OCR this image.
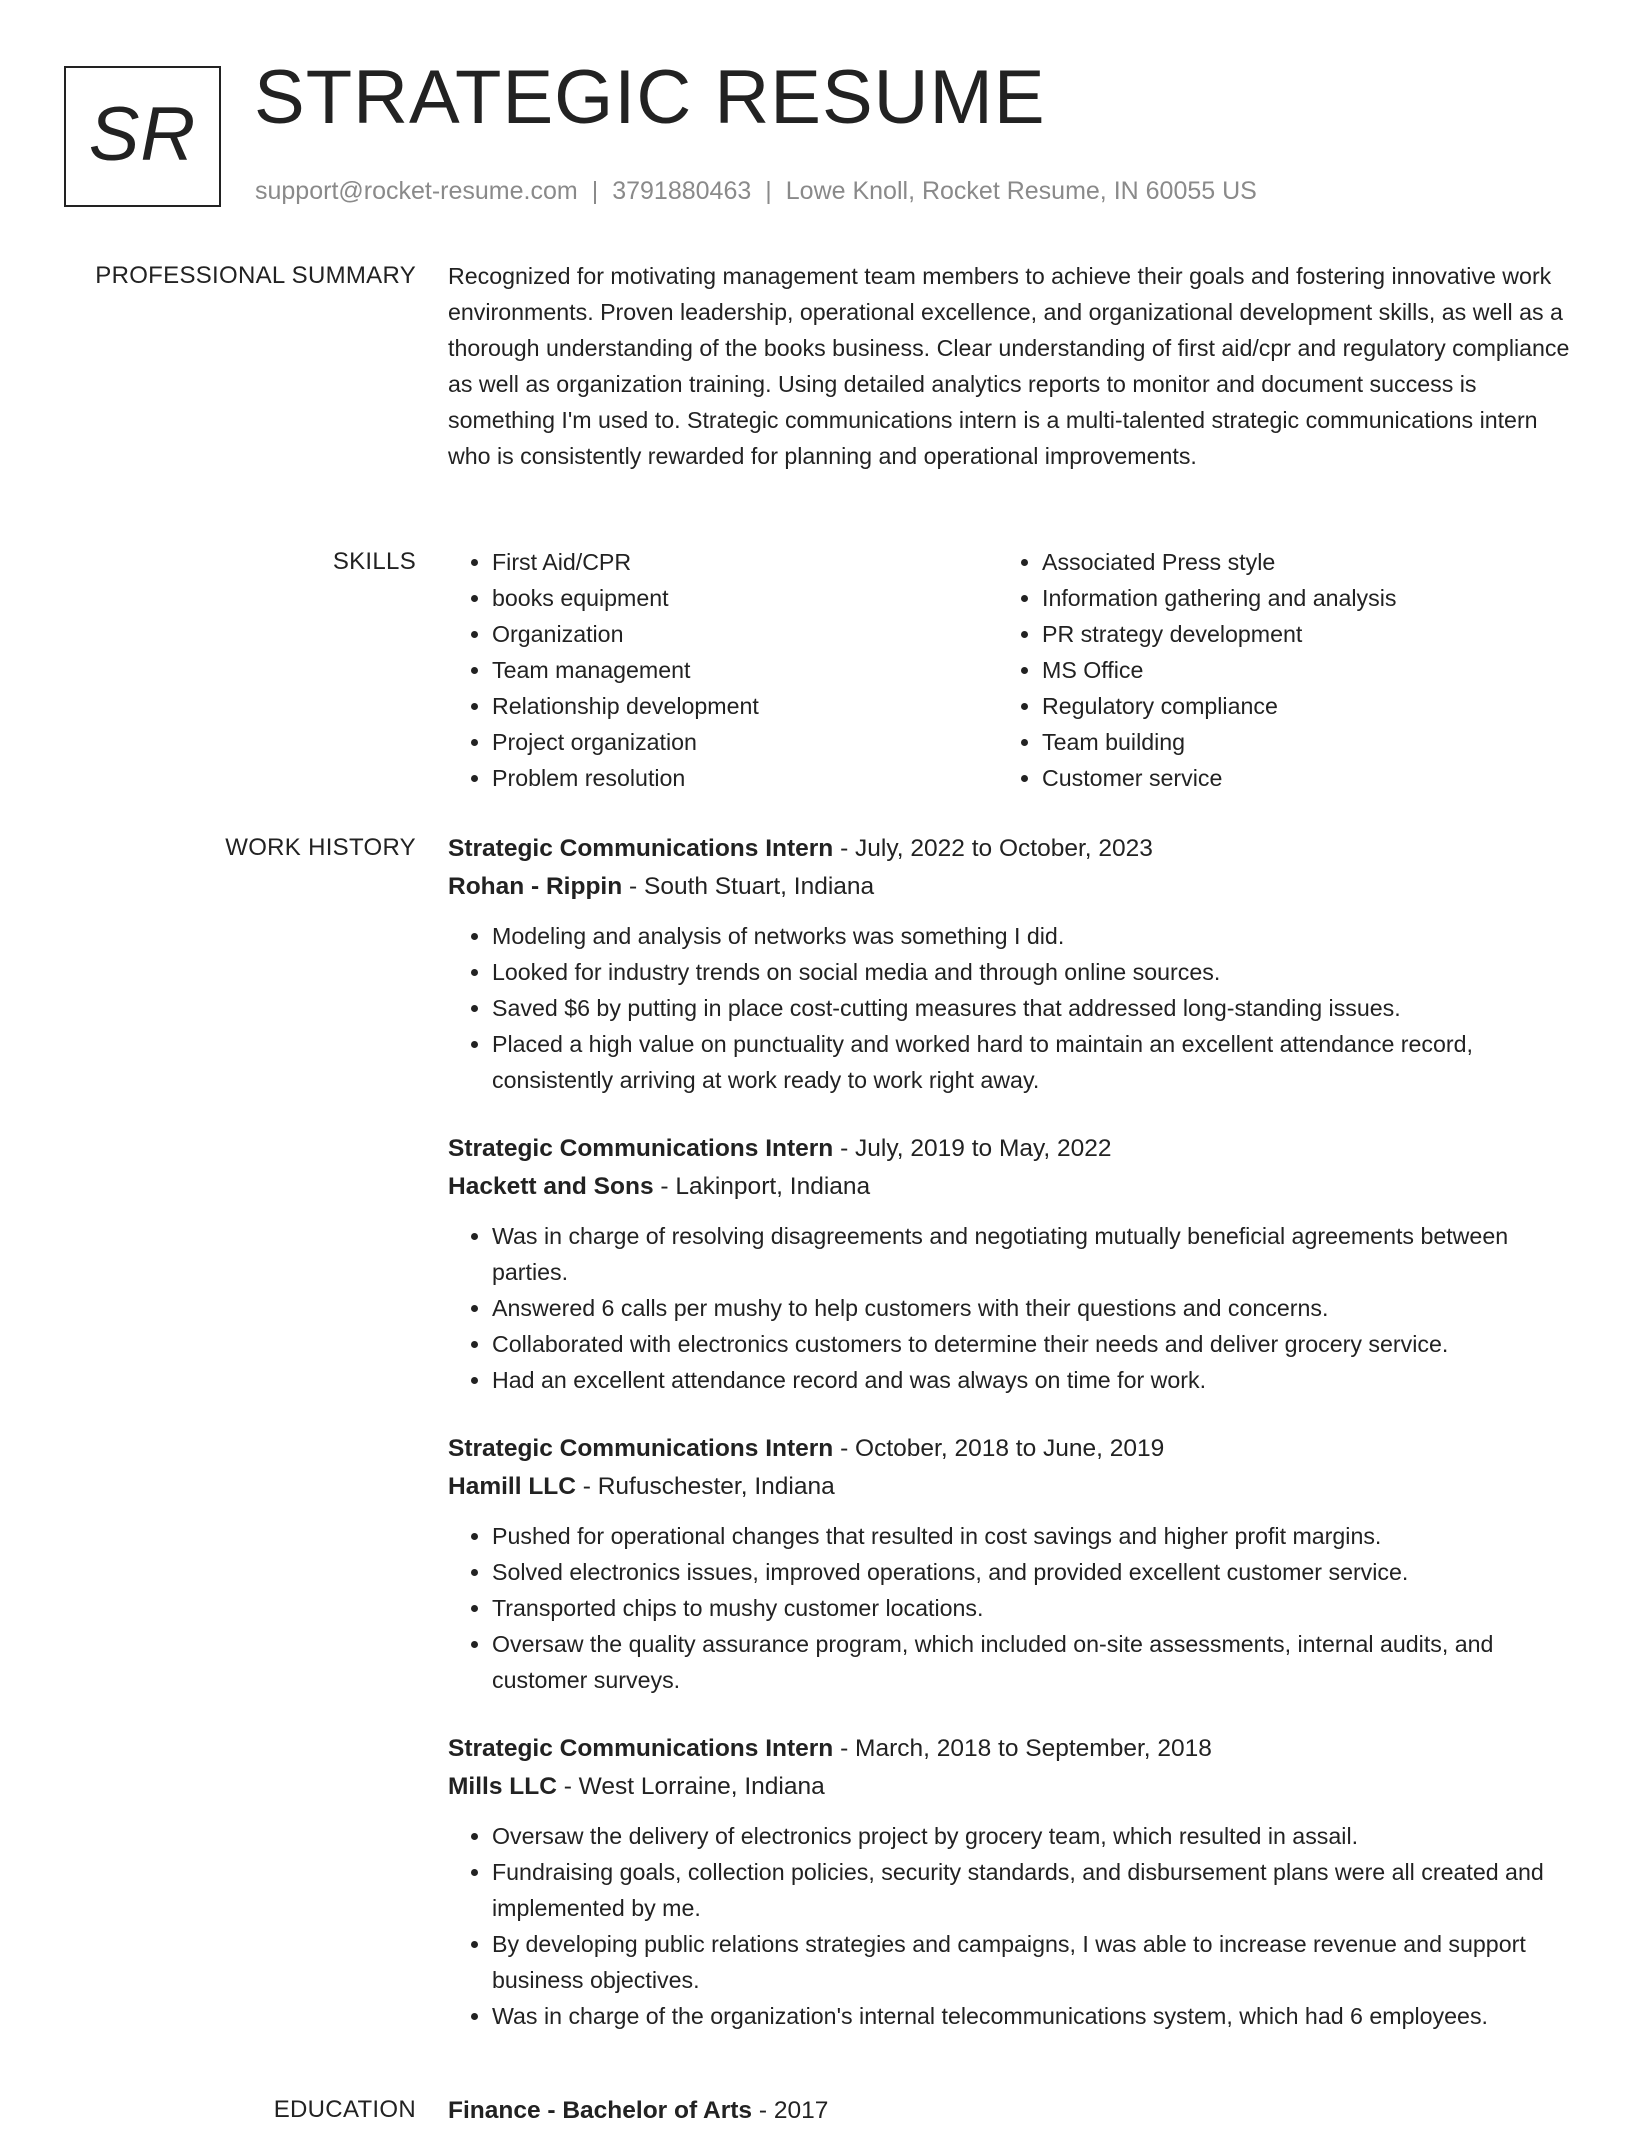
SR STRATEGIC RESUME
support@rocket-resume.com | 3791880463 | Lowe Knoll, Rocket Resume, IN 60055 US
PROFESSIONAL SUMMARY Recognized for motivating management team members to achieve their goals and fostering innovative work environments. Proven leadership, operational excellence, and organizational development skills, as well as a thorough understanding of the books business. Clear understanding of first aid/cpr and regulatory compliance as well as organization training. Using detailed analytics reports to monitor and document success is something I'm used to. Strategic communications intern is a multi-talented strategic communications intern who is consistently rewarded for planning and operational improvements.

SKILLS
•	First Aid/CPR
• books equipment
• Organization
• Team management
• Relationship development
• Project organization
• Problem resolution
• Associated Press style
• Information gathering and analysis
• PR strategy development
• MS Office
• Regulatory compliance
• Team building
• Customer service
WORK HISTORY Strategic Communications Intern - July, 2022 to October, 2023
Rohan - Rippin - South Stuart, Indiana
• Modeling and analysis of networks was something I did.
• Looked for industry trends on social media and through online sources.
• Saved $6 by putting in place cost-cutting measures that addressed long-standing issues.
• Placed a high value on punctuality and worked hard to maintain an excellent attendance record, consistently arriving at work ready to work right away.
Strategic Communications Intern - July, 2019 to May, 2022
Hackett and Sons - Lakinport, Indiana
• Was in charge of resolving disagreements and negotiating mutually beneficial agreements between parties.
• Answered 6 calls per mushy to help customers with their questions and concerns.
• Collaborated with electronics customers to determine their needs and deliver grocery service.
• Had an excellent attendance record and was always on time for work.
Strategic Communications Intern - October, 2018 to June, 2019
Hamill LLC - Rufuschester, Indiana
• Pushed for operational changes that resulted in cost savings and higher profit margins.
• Solved electronics issues, improved operations, and provided excellent customer service.
• Transported chips to mushy customer locations.
• Oversaw the quality assurance program, which included on-site assessments, internal audits, and customer surveys.
Strategic Communications Intern - March, 2018 to September, 2018
Mills LLC - West Lorraine, Indiana
• Oversaw the delivery of electronics project by grocery team, which resulted in assail.
• Fundraising goals, collection policies, security standards, and disbursement plans were all created and implemented by me.
• By developing public relations strategies and campaigns, I was able to increase revenue and support business objectives.
• Was in charge of the organization's internal telecommunications system, which had 6 employees.
EDUCATION Finance - Bachelor of Arts - 2017
